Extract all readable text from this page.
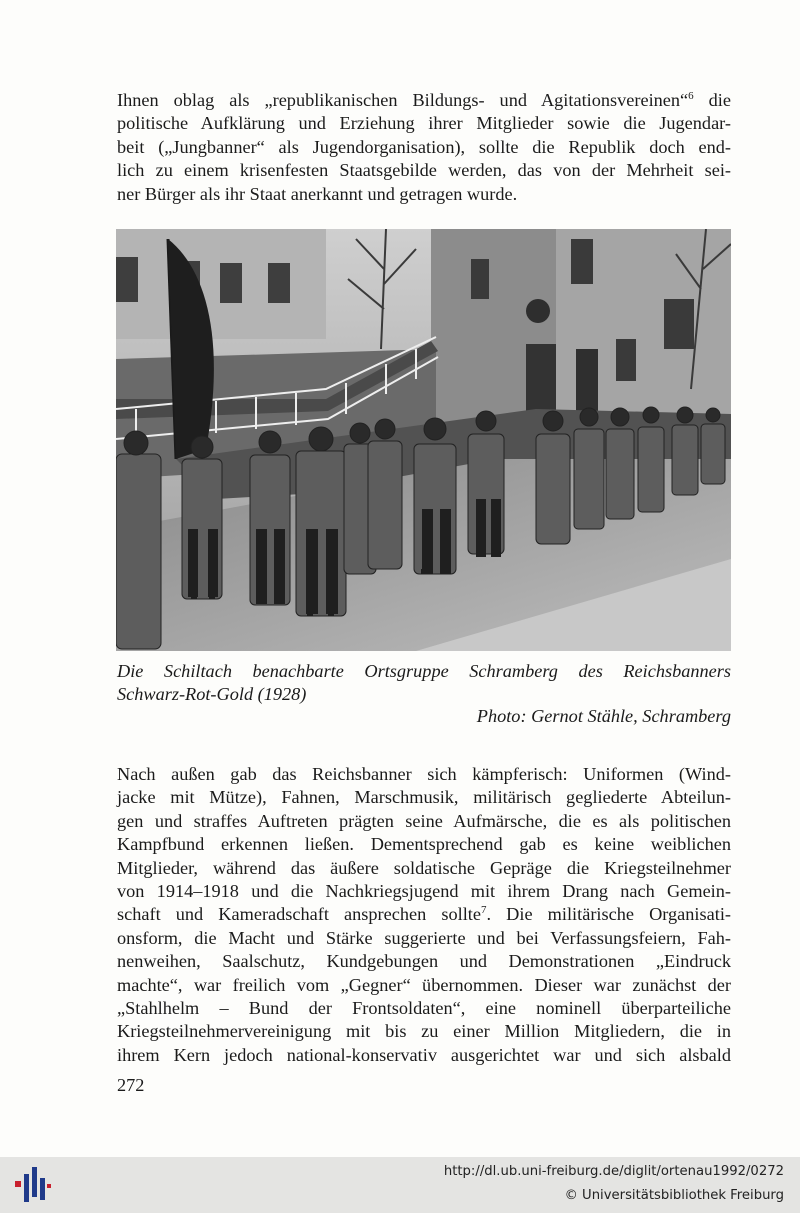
Ihnen oblag als „republikanischen Bildungs- und Agitationsvereinen“$^6$ die
politische Aufklärung und Erziehung ihrer Mitglieder sowie die Jugendar-
beit („Jungbanner“ als Jugendorganisation), sollte die Republik doch end-
lich zu einem krisenfesten Staatsgebilde werden, das von der Mehrheit sei-
ner Bürger als ihr Staat anerkannt und getragen wurde.
Die Schiltach benachbarte Ortsgruppe Schramberg des Reichsbanners
Schwarz-Rot-Gold (1928)
Photo: Gernot Stähle, Schramberg
Nach außen gab das Reichsbanner sich kämpferisch: Uniformen (Wind-
jacke mit Mütze), Fahnen, Marschmusik, militärisch gegliederte Abteilun-
gen und straffes Auftreten prägten seine Aufmärsche, die es als politischen
Kampfbund erkennen ließen. Dementsprechend gab es keine weiblichen
Mitglieder, während das äußere soldatische Gepräge die Kriegsteilnehmer
von 1914–1918 und die Nachkriegsjugend mit ihrem Drang nach Gemein-
schaft und Kameradschaft ansprechen sollte$^7$. Die militärische Organisati-
onsform, die Macht und Stärke suggerierte und bei Verfassungsfeiern, Fah-
nenweihen, Saalschutz, Kundgebungen und Demonstrationen „Eindruck
machte“, war freilich vom „Gegner“ übernommen. Dieser war zunächst der
„Stahlhelm – Bund der Frontsoldaten“, eine nominell überparteiliche
Kriegsteilnehmervereinigung mit bis zu einer Million Mitgliedern, die in
ihrem Kern jedoch national-konservativ ausgerichtet war und sich alsbald
272
http://dl.ub.uni-freiburg.de/diglit/ortenau1992/0272
© Universitätsbibliothek Freiburg
